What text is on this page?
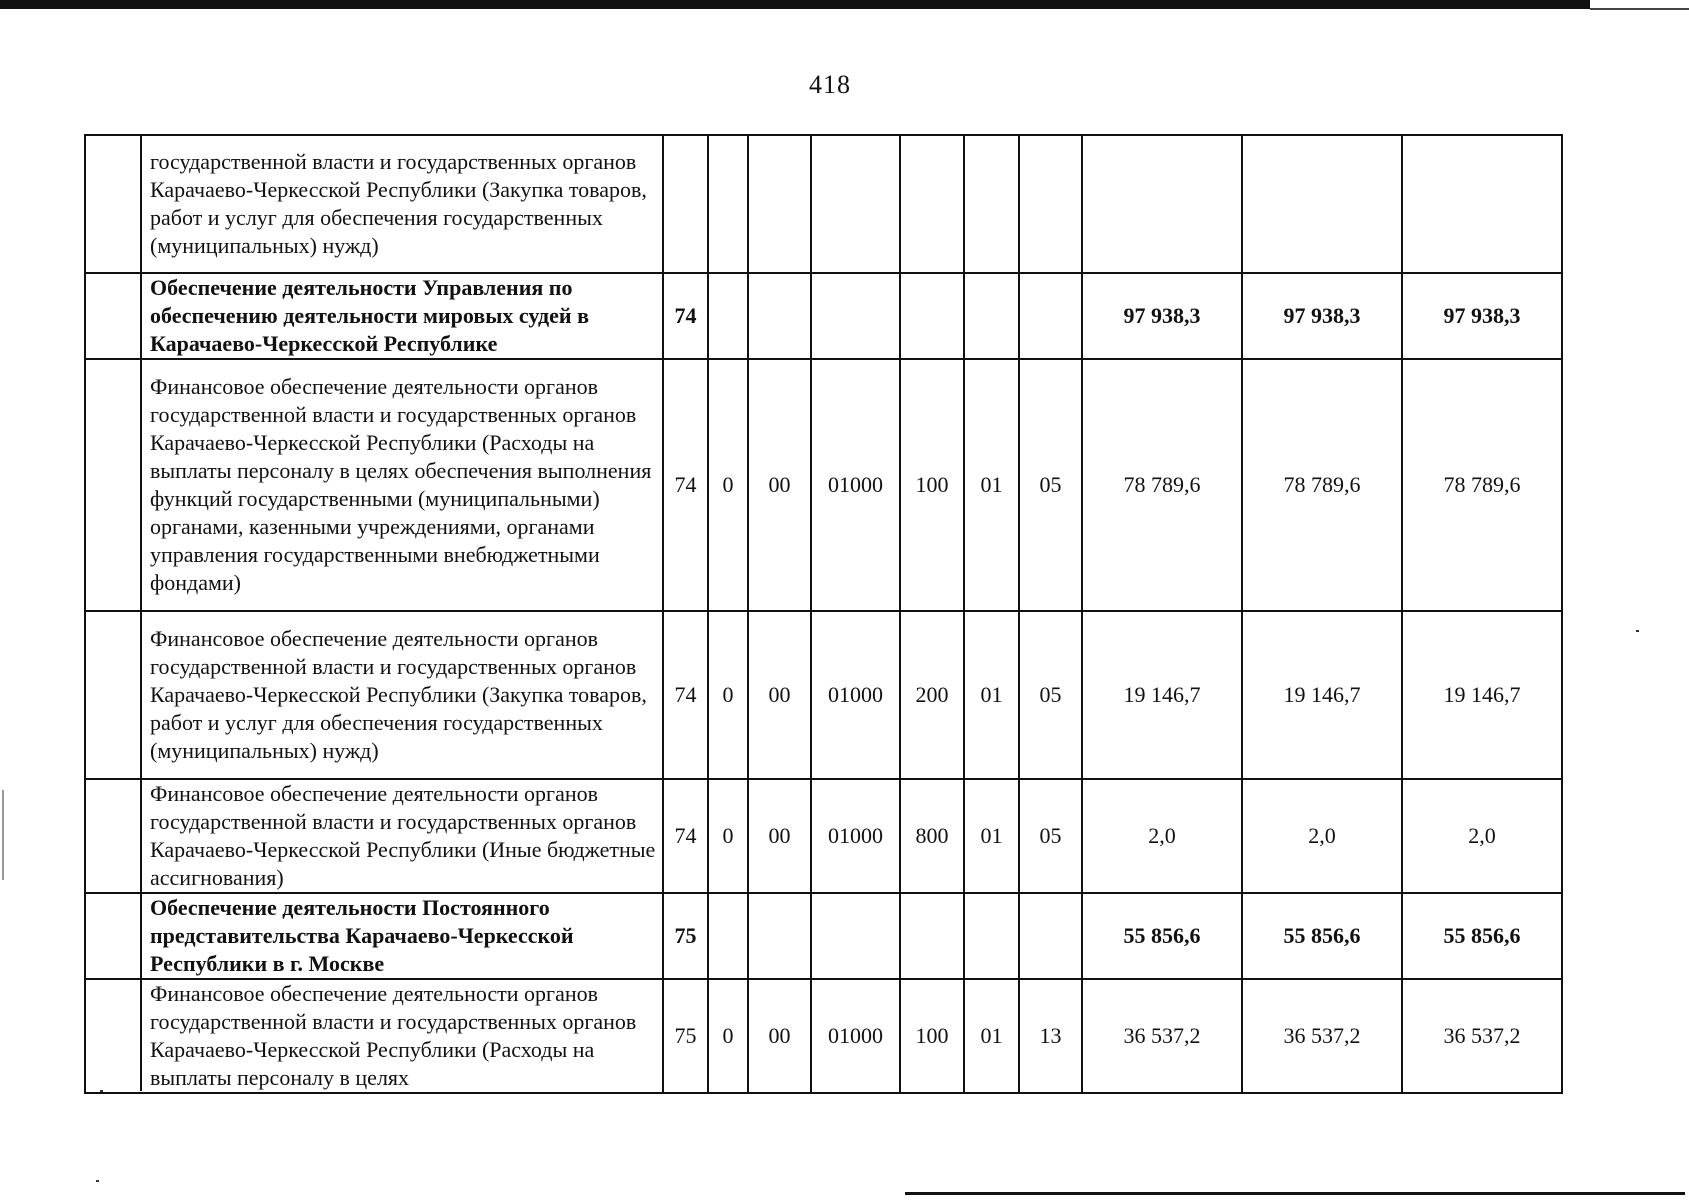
418
государственной власти и государственных органов Карачаево-Черкесской Республики (Закупка товаров, работ и услуг для обеспечения государственных (муниципальных) нужд)										
Обеспечение деятельности Управления по обеспечению деятельности мировых судей в Карачаево-Черкесской Республике	74							97 938,3	97 938,3	97 938,3
Финансовое обеспечение деятельности органов государственной власти и государственных органов Карачаево-Черкесской Республики (Расходы на выплаты персоналу в целях обеспечения выполнения функций государственными (муниципальными) органами, казенными учреждениями, органами управления государственными внебюджетными фондами)	74	0	00	01000	100	01	05	78 789,6	78 789,6	78 789,6
Финансовое обеспечение деятельности органов государственной власти и государственных органов Карачаево-Черкесской Республики (Закупка товаров, работ и услуг для обеспечения государственных (муниципальных) нужд)	74	0	00	01000	200	01	05	19 146,7	19 146,7	19 146,7
Финансовое обеспечение деятельности органов государственной власти и государственных органов Карачаево-Черкесской Республики (Иные бюджетные ассигнования)	74	0	00	01000	800	01	05	2,0	2,0	2,0
Обеспечение деятельности Постоянного представительства Карачаево-Черкесской Республики в г. Москве	75							55 856,6	55 856,6	55 856,6
Финансовое обеспечение деятельности органов государственной власти и государственных органов Карачаево-Черкесской Республики (Расходы на выплаты персоналу в целях	75	0	00	01000	100	01	13	36 537,2	36 537,2	36 537,2
